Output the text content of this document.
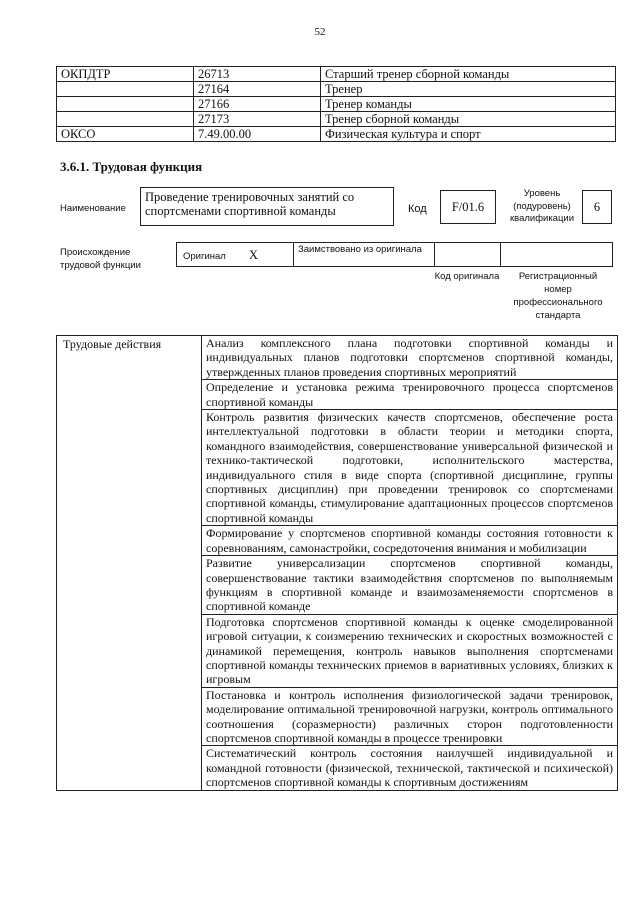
52
ОКПДТР	26713	Старший тренер сборной команды
	27164	Тренер
	27166	Тренер команды
	27173	Тренер сборной команды
ОКСО	7.49.00.00	Физическая культура и спорт
3.6.1. Трудовая функция
Наименование
Проведение тренировочных занятий со спортсменами спортивной команды	Код	F/01.6
Уровень (подуровень) квалификации
6
Происхождение трудовой функции
Оригинал X	Заимствовано из оригинала
Код оригинала	Регистрационный номер профессионального стандарта
Трудовые действия	Анализ комплексного плана подготовки спортивной команды и индивидуальных планов подготовки спортсменов спортивной команды, утвержденных планов проведения спортивных мероприятий
Определение и установка режима тренировочного процесса спортсменов спортивной команды
Контроль развития физических качеств спортсменов, обеспечение роста интеллектуальной подготовки в области теории и методики спорта, командного взаимодействия, совершенствование универсальной физической и технико-тактической подготовки, исполнительского мастерства, индивидуального стиля в виде спорта (спортивной дисциплине, группы спортивных дисциплин) при проведении тренировок со спортсменами спортивной команды, стимулирование адаптационных процессов спортсменов спортивной команды
Формирование у спортсменов спортивной команды состояния готовности к соревнованиям, самонастройки, сосредоточения внимания и мобилизации
Развитие универсализации спортсменов спортивной команды, совершенствование тактики взаимодействия спортсменов по выполняемым функциям в спортивной команде и взаимозаменяемости спортсменов в спортивной команде
Подготовка спортсменов спортивной команды к оценке смоделированной игровой ситуации, к соизмерению технических и скоростных возможностей с динамикой перемещения, контроль навыков выполнения спортсменами спортивной команды технических приемов в вариативных условиях, близких к игровым
Постановка и контроль исполнения физиологической задачи тренировок, моделирование оптимальной тренировочной нагрузки, контроль оптимального соотношения (соразмерности) различных сторон подготовленности спортсменов спортивной команды в процессе тренировки
Систематический контроль состояния наилучшей индивидуальной и командной готовности (физической, технической, тактической и психической) спортсменов спортивной команды к спортивным достижениям
